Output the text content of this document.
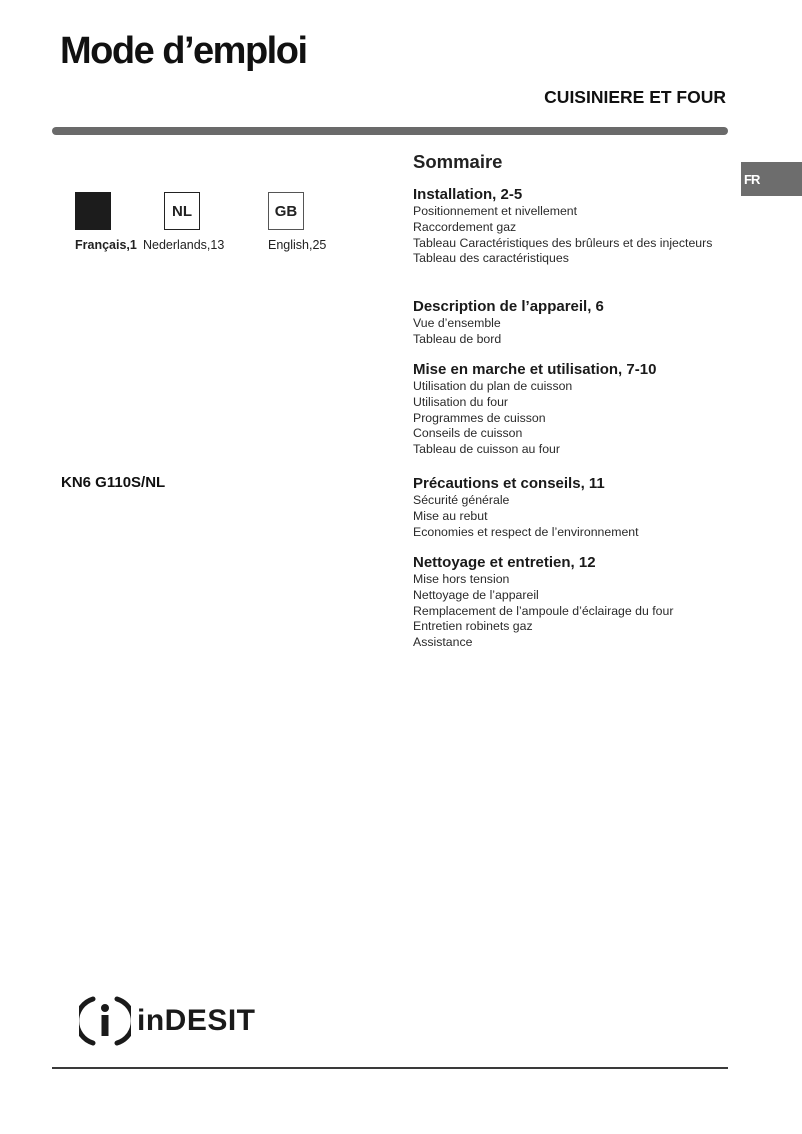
Mode d’emploi
CUISINIERE ET FOUR
FR
NL	GB
Français,1 Nederlands,13	English,25
KN6 G110S/NL
Sommaire
Installation, 2-5
Positionnement et nivellement
Raccordement gaz
Tableau Caractéristiques des brûleurs et des injecteurs
Tableau des caractéristiques
Description de l’appareil, 6
Vue d’ensemble
Tableau de bord
Mise en marche et utilisation, 7-10
Utilisation du plan de cuisson
Utilisation du four
Programmes de cuisson
Conseils de cuisson
Tableau de cuisson au four
Précautions et conseils, 11
Sécurité générale
Mise au rebut
Economies et respect de l’environnement
Nettoyage et entretien, 12
Mise hors tension
Nettoyage de l’appareil
Remplacement de l’ampoule d’éclairage du four
Entretien robinets gaz
Assistance
inDESIT
